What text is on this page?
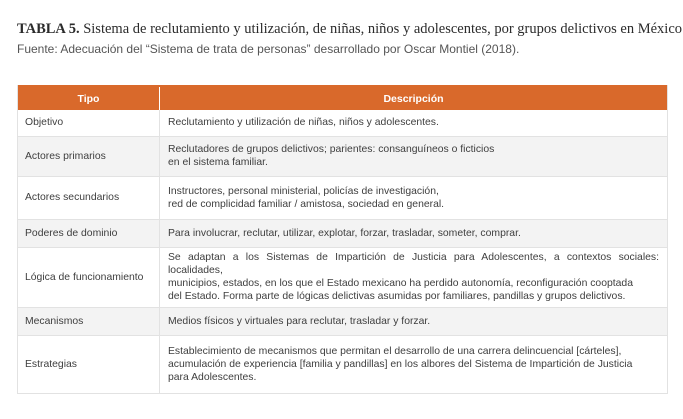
TABLA 5. Sistema de reclutamiento y utilización, de niñas, niños y adolescentes, por grupos delictivos en México
Fuente: Adecuación del “Sistema de trata de personas” desarrollado por Oscar Montiel (2018).
Tipo	Descripción
Objetivo	Reclutamiento y utilización de niñas, niños y adolescentes.

Actores primarios	Reclutadores de grupos delictivos; parientes: consanguíneos o ficticios
en el sistema familiar.

Actores secundarios	Instructores, personal ministerial, policías de investigación,
red de complicidad familiar / amistosa, sociedad en general.

Poderes de dominio	Para involucrar, reclutar, utilizar, explotar, forzar, trasladar, someter, comprar.

Lógica de funcionamiento	Se adaptan a los Sistemas de Impartición de Justicia para Adolescentes, a contextos sociales: localidades,
municipios, estados, en los que el Estado mexicano ha perdido autonomía, reconfiguración cooptada
del Estado. Forma parte de lógicas delictivas asumidas por familiares, pandillas y grupos delictivos.

Mecanismos	Medios físicos y virtuales para reclutar, trasladar y forzar.

Estrategias	Establecimiento de mecanismos que permitan el desarrollo de una carrera delincuencial [cárteles],
acumulación de experiencia [familia y pandillas] en los albores del Sistema de Impartición de Justicia
para Adolescentes.
